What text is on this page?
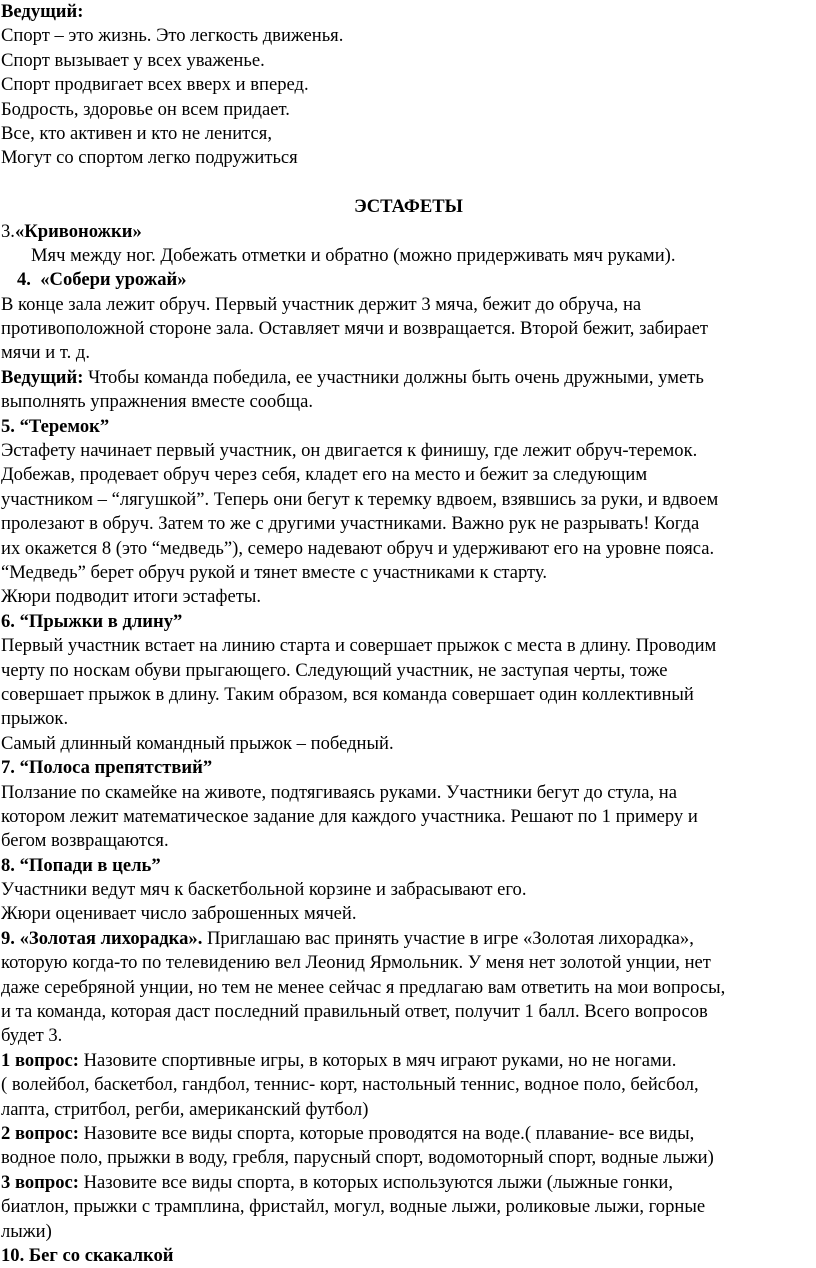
Ведущий:
Спорт – это жизнь. Это легкость движенья.
Спорт вызывает у всех уваженье.
Спорт продвигает всех вверх и вперед.
Бодрость, здоровье он всем придает.
Все, кто активен и кто не ленится,
Могут со спортом легко подружиться
ЭСТАФЕТЫ
3.«Кривоножки»
Мяч между ног. Добежать отметки и обратно (можно придерживать мяч руками).
4. «Собери урожай»
В конце зала лежит обруч. Первый участник держит 3 мяча, бежит до обруча, на
противоположной стороне зала. Оставляет мячи и возвращается. Второй бежит, забирает
мячи и т. д.
Ведущий: Чтобы команда победила, ее участники должны быть очень дружными, уметь
выполнять упражнения вместе сообща.
5. “Теремок”
Эстафету начинает первый участник, он двигается к финишу, где лежит обруч-теремок.
Добежав, продевает обруч через себя, кладет его на место и бежит за следующим
участником – “лягушкой”. Теперь они бегут к теремку вдвоем, взявшись за руки, и вдвоем
пролезают в обруч. Затем то же с другими участниками. Важно рук не разрывать! Когда
их окажется 8 (это “медведь”), семеро надевают обруч и удерживают его на уровне пояса.
“Медведь” берет обруч рукой и тянет вместе с участниками к старту.
Жюри подводит итоги эстафеты.
6. “Прыжки в длину”
Первый участник встает на линию старта и совершает прыжок с места в длину. Проводим
черту по носкам обуви прыгающего. Следующий участник, не заступая черты, тоже
совершает прыжок в длину. Таким образом, вся команда совершает один коллективный
прыжок.
Самый длинный командный прыжок – победный.
7. “Полоса препятствий”
Ползание по скамейке на животе, подтягиваясь руками. Участники бегут до стула, на
котором лежит математическое задание для каждого участника. Решают по 1 примеру и
бегом возвращаются.
8. “Попади в цель”
Участники ведут мяч к баскетбольной корзине и забрасывают его.
Жюри оценивает число заброшенных мячей.
9. «Золотая лихорадка». Приглашаю вас принять участие в игре «Золотая лихорадка»,
которую когда-то по телевидению вел Леонид Ярмольник. У меня нет золотой унции, нет
даже серебряной унции, но тем не менее сейчас я предлагаю вам ответить на мои вопросы,
и та команда, которая даст последний правильный ответ, получит 1 балл. Всего вопросов
будет 3.
1 вопрос: Назовите спортивные игры, в которых в мяч играют руками, но не ногами.
( волейбол, баскетбол, гандбол, теннис- корт, настольный теннис, водное поло, бейсбол,
лапта, стритбол, регби, американский футбол)
2 вопрос: Назовите все виды спорта, которые проводятся на воде.( плавание- все виды,
водное поло, прыжки в воду, гребля, парусный спорт, водомоторный спорт, водные лыжи)
3 вопрос: Назовите все виды спорта, в которых используются лыжи (лыжные гонки,
биатлон, прыжки с трамплина, фристайл, могул, водные лыжи, роликовые лыжи, горные
лыжи)
10. Бег со скакалкой
